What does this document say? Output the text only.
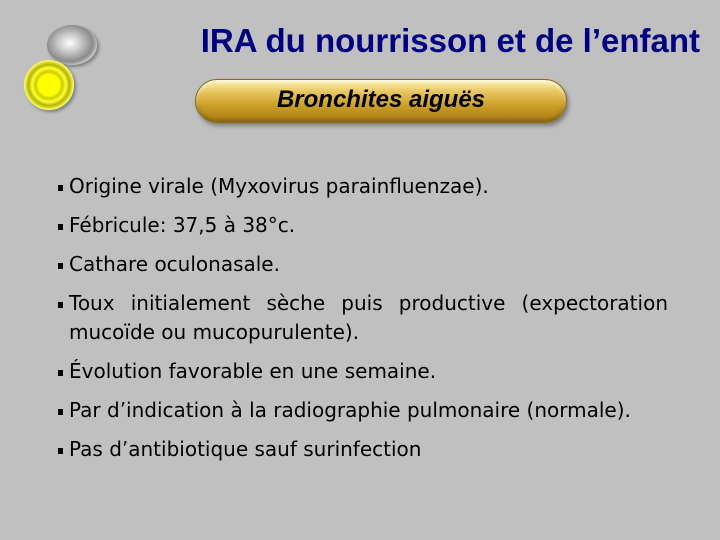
IRA du nourrisson et de l’enfant
Bronchites aiguës
Origine virale (Myxovirus parainfluenzae).
Fébricule: 37,5 à 38°c.
Cathare oculonasale.
Toux initialement sèche puis productive (expectoration mucoïde ou mucopurulente).
Évolution favorable en une semaine.
Par d’indication à la radiographie pulmonaire (normale).
Pas d’antibiotique sauf surinfection
